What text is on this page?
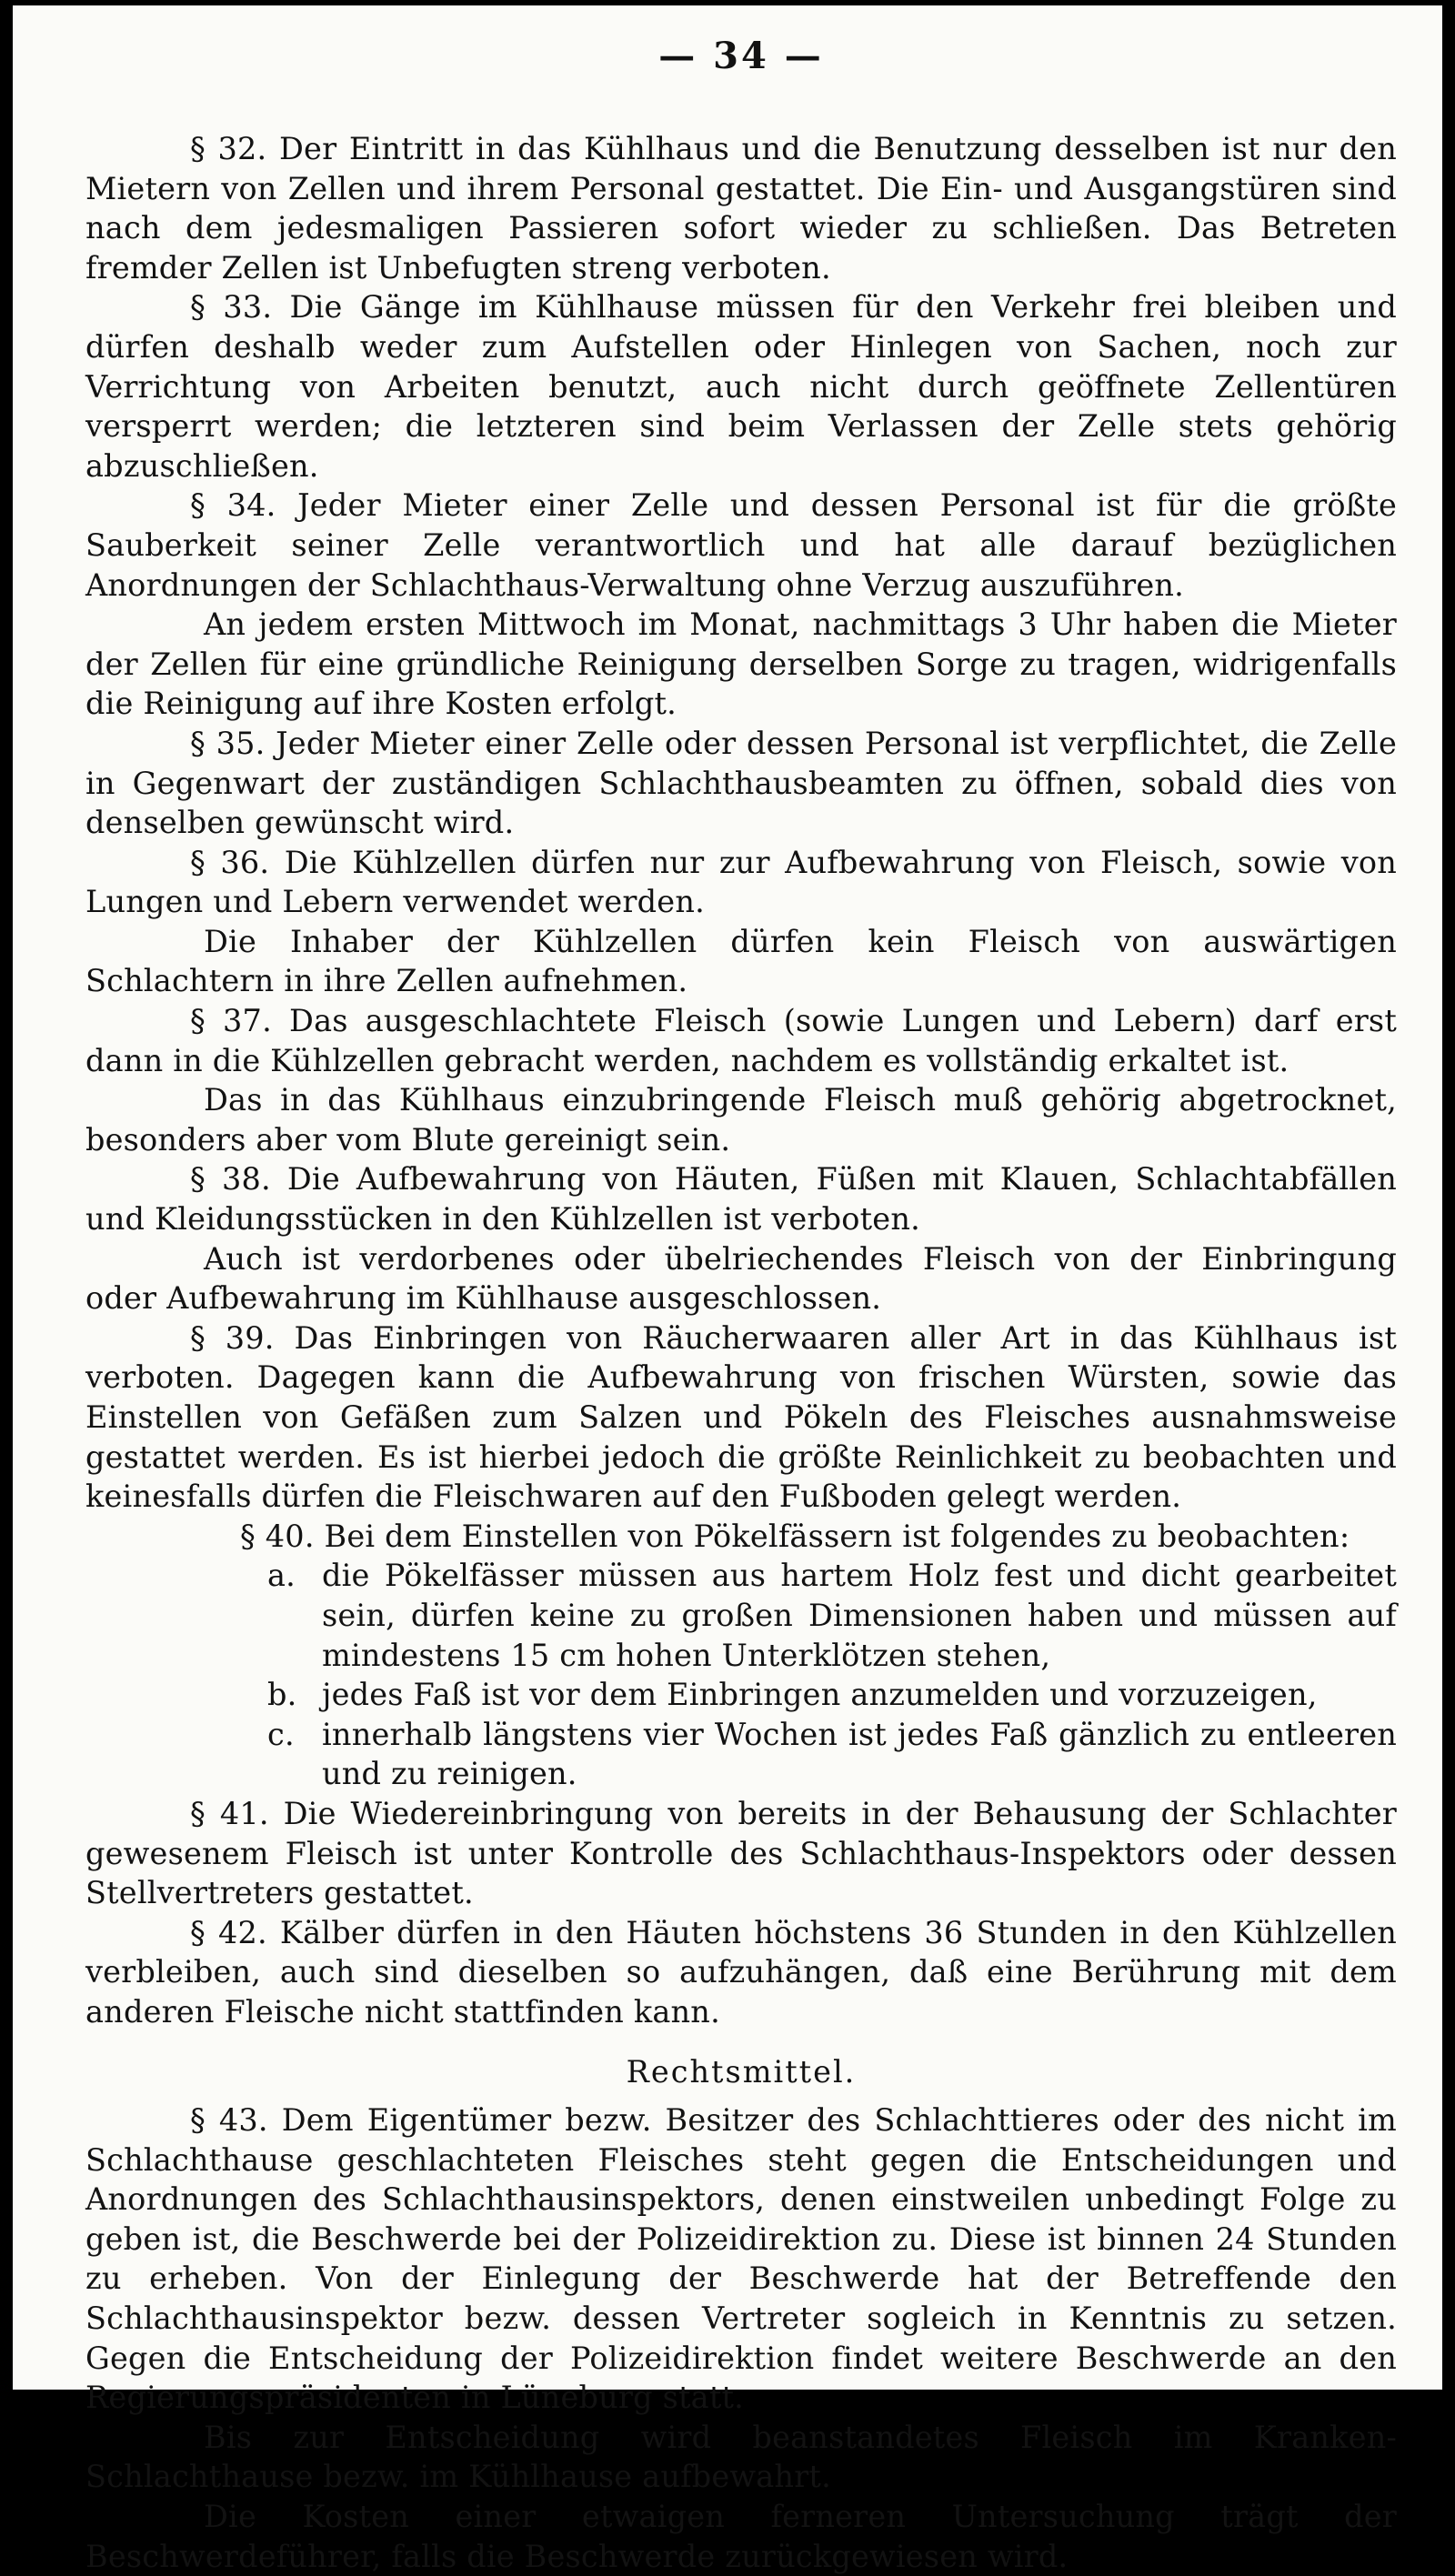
— 34 —

§ 32. Der Eintritt in das Kühlhaus und die Benutzung desselben ist nur den Mietern von Zellen und ihrem Personal gestattet. Die Ein- und Ausgangstüren sind nach dem jedesmaligen Passieren sofort wieder zu schließen. Das Betreten fremder Zellen ist Unbefugten streng verboten.

§ 33. Die Gänge im Kühlhause müssen für den Verkehr frei bleiben und dürfen deshalb weder zum Aufstellen oder Hinlegen von Sachen, noch zur Verrichtung von Arbeiten benutzt, auch nicht durch geöffnete Zellentüren versperrt werden; die letzteren sind beim Verlassen der Zelle stets gehörig abzuschließen.

§ 34. Jeder Mieter einer Zelle und dessen Personal ist für die größte Sauberkeit seiner Zelle verantwortlich und hat alle darauf bezüglichen Anordnungen der Schlachthaus-Verwaltung ohne Verzug auszuführen.

An jedem ersten Mittwoch im Monat, nachmittags 3 Uhr haben die Mieter der Zellen für eine gründliche Reinigung derselben Sorge zu tragen, widrigenfalls die Reinigung auf ihre Kosten erfolgt.

§ 35. Jeder Mieter einer Zelle oder dessen Personal ist verpflichtet, die Zelle in Gegenwart der zuständigen Schlachthausbeamten zu öffnen, sobald dies von denselben gewünscht wird.

§ 36. Die Kühlzellen dürfen nur zur Aufbewahrung von Fleisch, sowie von Lungen und Lebern verwendet werden.

Die Inhaber der Kühlzellen dürfen kein Fleisch von auswärtigen Schlachtern in ihre Zellen aufnehmen.

§ 37. Das ausgeschlachtete Fleisch (sowie Lungen und Lebern) darf erst dann in die Kühlzellen gebracht werden, nachdem es vollständig erkaltet ist.

Das in das Kühlhaus einzubringende Fleisch muß gehörig abgetrocknet, besonders aber vom Blute gereinigt sein.

§ 38. Die Aufbewahrung von Häuten, Füßen mit Klauen, Schlachtabfällen und Kleidungsstücken in den Kühlzellen ist verboten.

Auch ist verdorbenes oder übelriechendes Fleisch von der Einbringung oder Aufbewahrung im Kühlhause ausgeschlossen.

§ 39. Das Einbringen von Räucherwaaren aller Art in das Kühlhaus ist verboten. Dagegen kann die Aufbewahrung von frischen Würsten, sowie das Einstellen von Gefäßen zum Salzen und Pökeln des Fleisches ausnahmsweise gestattet werden. Es ist hierbei jedoch die größte Reinlichkeit zu beobachten und keinesfalls dürfen die Fleischwaren auf den Fußboden gelegt werden.

§ 40. Bei dem Einstellen von Pökelfässern ist folgendes zu beobachten:

a. die Pökelfässer müssen aus hartem Holz fest und dicht gearbeitet sein, dürfen keine zu großen Dimensionen haben und müssen auf mindestens 15 cm hohen Unterklötzen stehen,
b. jedes Faß ist vor dem Einbringen anzumelden und vorzuzeigen,
c. innerhalb längstens vier Wochen ist jedes Faß gänzlich zu entleeren und zu reinigen.

§ 41. Die Wiedereinbringung von bereits in der Behausung der Schlachter gewesenem Fleisch ist unter Kontrolle des Schlachthaus-Inspektors oder dessen Stellvertreters gestattet.

§ 42. Kälber dürfen in den Häuten höchstens 36 Stunden in den Kühlzellen verbleiben, auch sind dieselben so aufzuhängen, daß eine Berührung mit dem anderen Fleische nicht stattfinden kann.

Rechtsmittel.

§ 43. Dem Eigentümer bezw. Besitzer des Schlachttieres oder des nicht im Schlachthause geschlachteten Fleisches steht gegen die Entscheidungen und Anordnungen des Schlachthausinspektors, denen einstweilen unbedingt Folge zu geben ist, die Beschwerde bei der Polizeidirektion zu. Diese ist binnen 24 Stunden zu erheben. Von der Einlegung der Beschwerde hat der Betreffende den Schlachthausinspektor bezw. dessen Vertreter sogleich in Kenntnis zu setzen. Gegen die Entscheidung der Polizeidirektion findet weitere Beschwerde an den Regierungspräsidenten in Lüneburg statt.

Bis zur Entscheidung wird beanstandetes Fleisch im Kranken-Schlachthause bezw. im Kühlhause aufbewahrt.

Die Kosten einer etwaigen ferneren Untersuchung trägt der Beschwerdeführer, falls die Beschwerde zurückgewiesen wird.
